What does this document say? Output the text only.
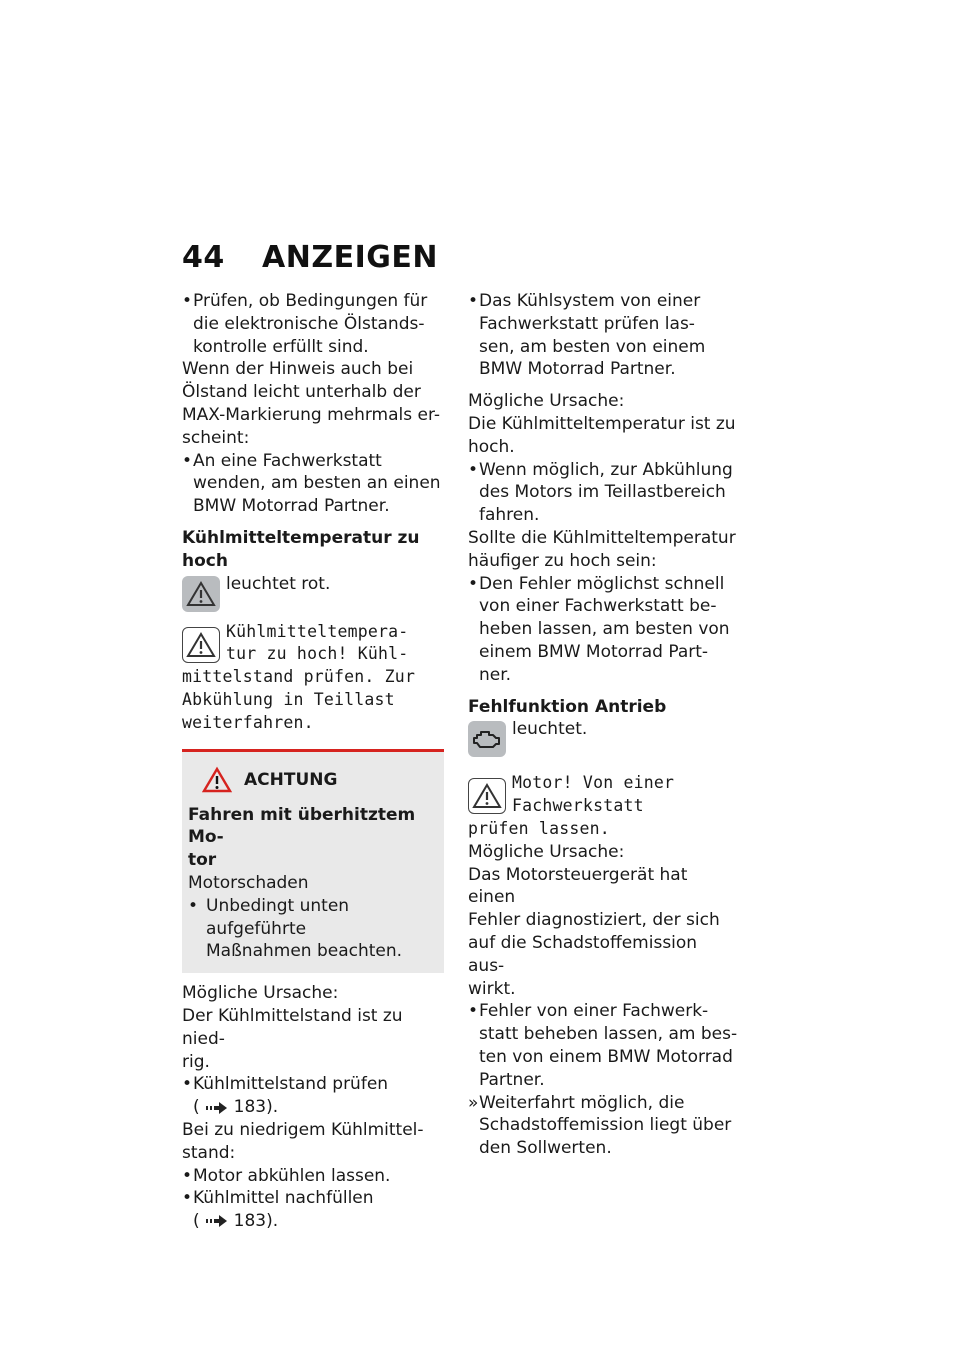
44 ANZEIGEN
• Prüfen, ob Bedingungen für
die elektronische Ölstands-
kontrolle erfüllt sind.

Wenn der Hinweis auch bei
Ölstand leicht unterhalb der
MAX-Markierung mehrmals er-
scheint:

• An eine Fachwerkstatt
wenden, am besten an einen
BMW Motorrad Partner.

Kühlmitteltemperatur zu hoch

leuchtet rot.
Kühlmitteltempera-
tur zu hoch! Kühl-
mittelstand prüfen. Zur
Abkühlung in Teillast
weiterfahren.
ACHTUNG

Fahren mit überhitztem Mo-
tor

Motorschaden

• Unbedingt unten aufgeführte
Maßnahmen beachten.

Mögliche Ursache:
Der Kühlmittelstand ist zu nied-
rig.

• Kühlmittelstand prüfen

( 183).

Bei zu niedrigem Kühlmittel-
stand:

• Motor abkühlen lassen.
• Kühlmittel nachfüllen

( 183).
• Das Kühlsystem von einer
Fachwerkstatt prüfen las-
sen, am besten von einem
BMW Motorrad Partner.

Mögliche Ursache:
Die Kühlmitteltemperatur ist zu
hoch.

• Wenn möglich, zur Abkühlung
des Motors im Teillastbereich
fahren.

Sollte die Kühlmitteltemperatur
häufiger zu hoch sein:

• Den Fehler möglichst schnell
von einer Fachwerkstatt be-
heben lassen, am besten von
einem BMW Motorrad Part-
ner.

Fehlfunktion Antrieb

leuchtet.
Motor! Von einer
Fachwerkstatt
prüfen lassen.

Mögliche Ursache:
Das Motorsteuergerät hat einen
Fehler diagnostiziert, der sich
auf die Schadstoffemission aus-
wirkt.

• Fehler von einer Fachwerk-
statt beheben lassen, am bes-
ten von einem BMW Motorrad
Partner.
» Weiterfahrt möglich, die
Schadstoffemission liegt über
den Sollwerten.
